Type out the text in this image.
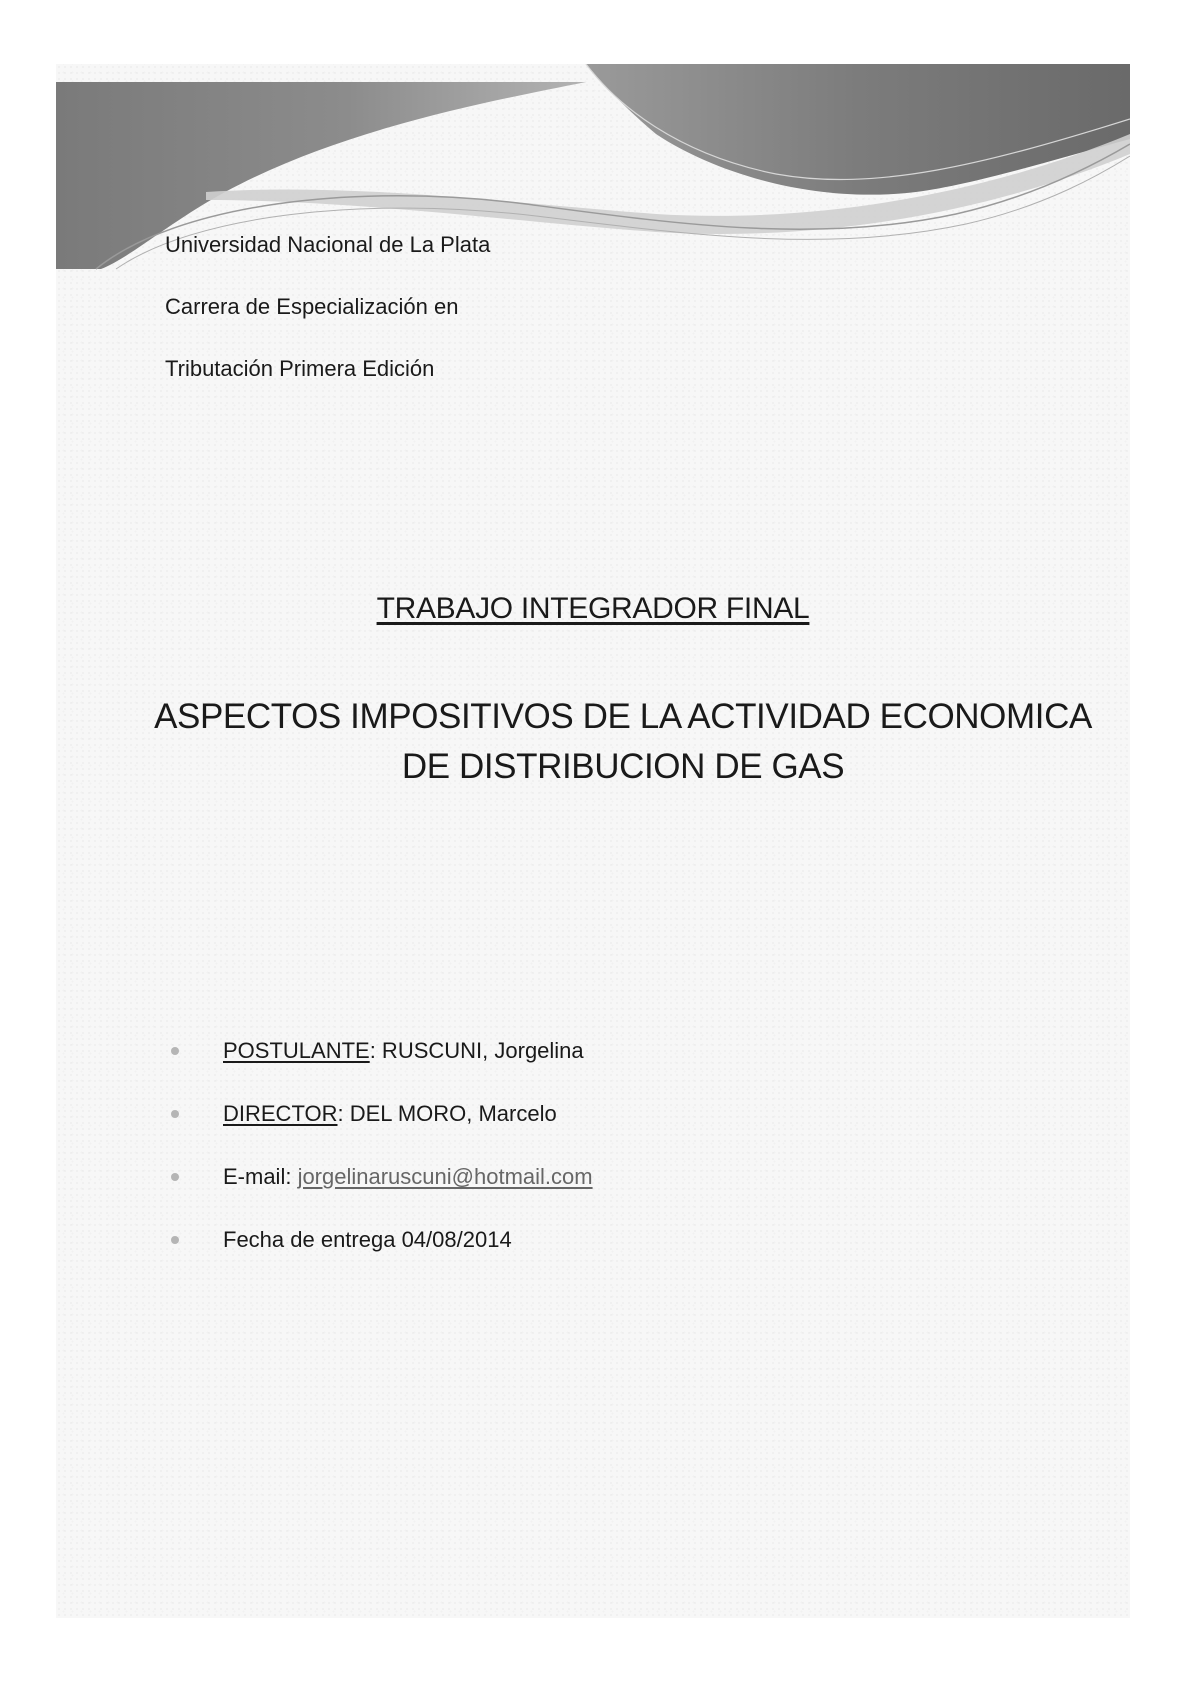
Universidad Nacional de La Plata

Carrera de Especialización en

Tributación Primera Edición

TRABAJO INTEGRADOR FINAL

ASPECTOS IMPOSITIVOS DE LA ACTIVIDAD ECONOMICA

DE DISTRIBUCION DE GAS

POSTULANTE: RUSCUNI, Jorgelina
DIRECTOR: DEL MORO, Marcelo
E-mail: jorgelinaruscuni@hotmail.com
Fecha de entrega 04/08/2014
